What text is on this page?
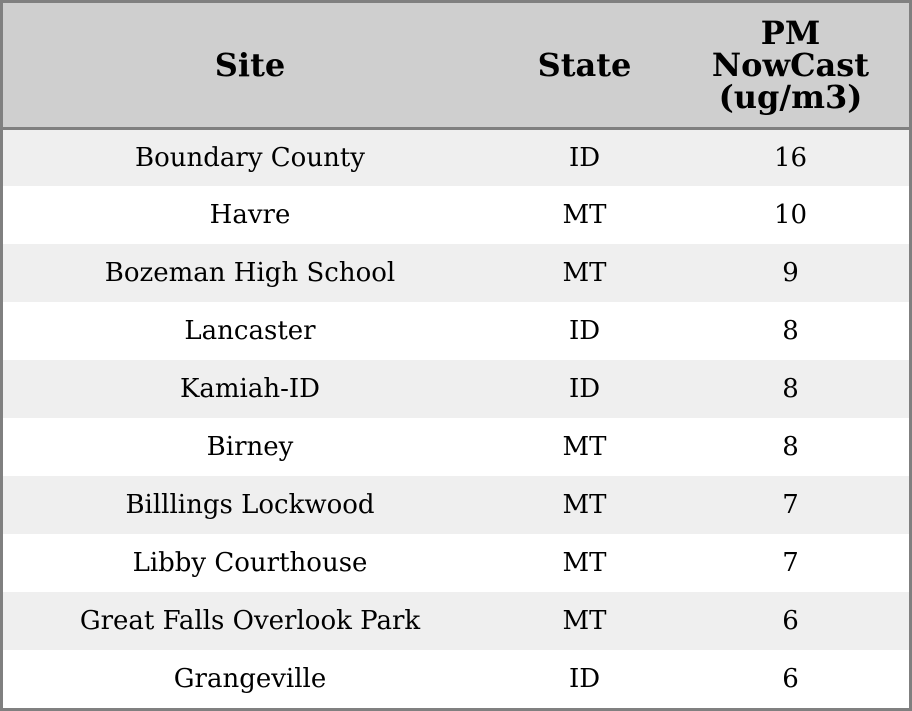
Site	State	PM
NowCast
(ug/m3)
Boundary County	ID	16
Havre	MT	10
Bozeman High School	MT	9
Lancaster	ID	8
Kamiah-ID	ID	8
Birney	MT	8
Billlings Lockwood	MT	7
Libby Courthouse	MT	7
Great Falls Overlook Park	MT	6
Grangeville	ID	6
